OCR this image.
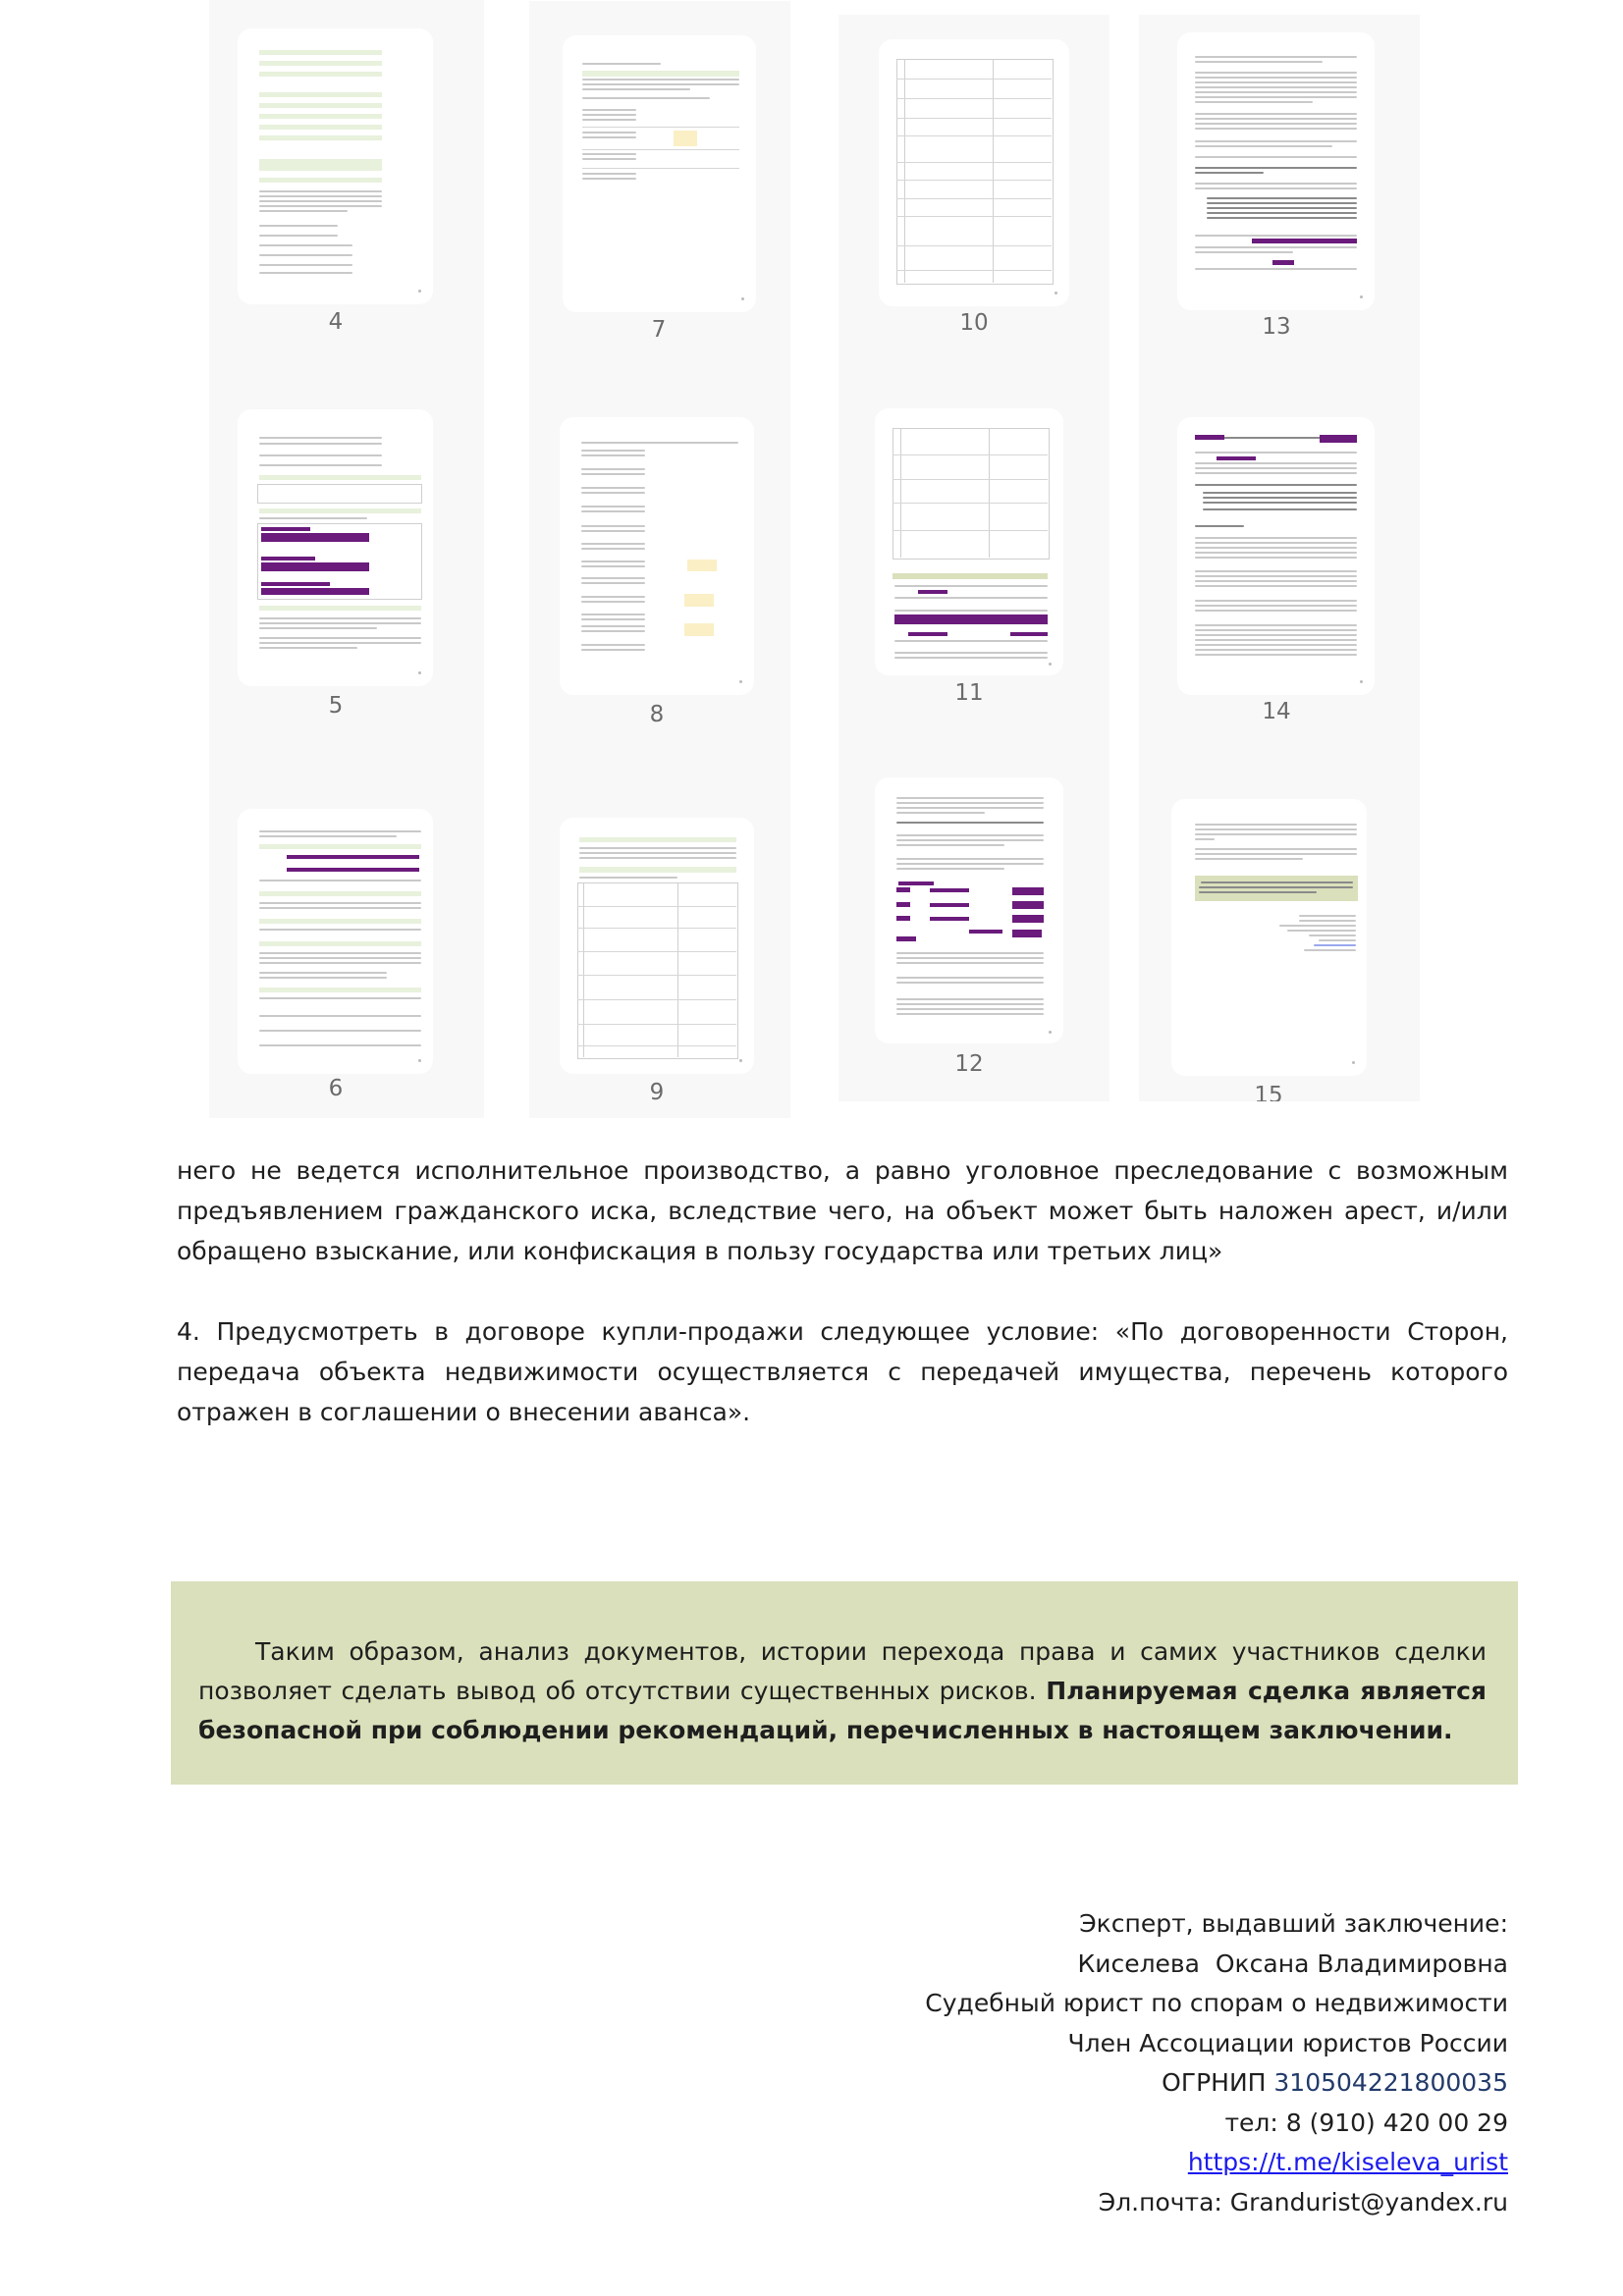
4
5
6
7
8
9
10
11
12
13
14
15

него не ведется исполнительное производство, а равно уголовное преследование с возможным предъявлением гражданского иска, вследствие чего, на объект может быть наложен арест, и/или обращено взыскание, или конфискация в пользу государства или третьих лиц»

4. Предусмотреть в договоре купли-продажи следующее условие: «По договоренности Сторон, передача объекта недвижимости осуществляется с передачей имущества, перечень которого отражен в соглашении о внесении аванса».

Таким образом, анализ документов, истории перехода права и самих участников сделки позволяет сделать вывод об отсутствии существенных рисков. Планируемая сделка является безопасной при соблюдении рекомендаций, перечисленных в настоящем заключении.

Эксперт, выдавший заключение:
Киселева  Оксана Владимировна
Судебный юрист по спорам о недвижимости
Член Ассоциации юристов России
ОГРНИП 310504221800035
тел: 8 (910) 420 00 29
https://t.me/kiseleva_urist
Эл.почта: Grandurist@yandex.ru
